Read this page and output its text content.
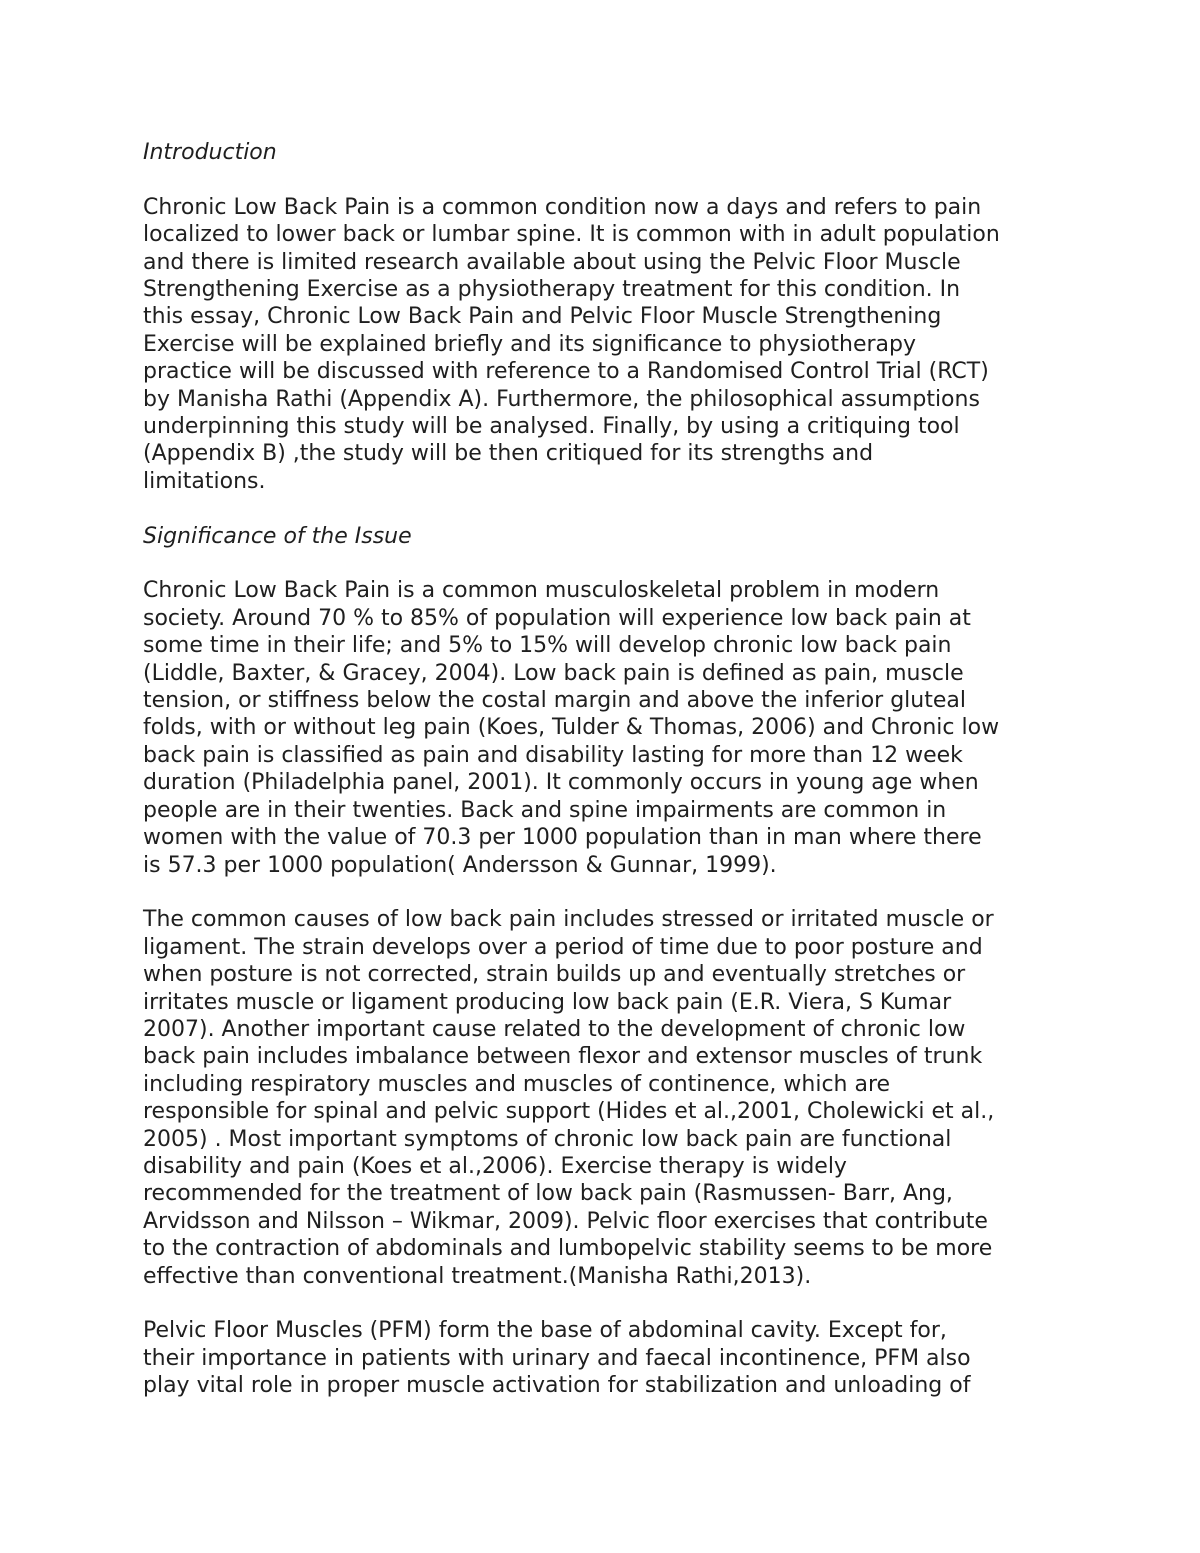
Introduction
Chronic Low Back Pain is a common condition now a days and refers to pain
localized to lower back or lumbar spine. It is common with in adult population
and there is limited research available about using the Pelvic Floor Muscle
Strengthening Exercise as a physiotherapy treatment for this condition. In
this essay, Chronic Low Back Pain and Pelvic Floor Muscle Strengthening
Exercise will be explained briefly and its significance to physiotherapy
practice will be discussed with reference to a Randomised Control Trial (RCT)
by Manisha Rathi (Appendix A). Furthermore, the philosophical assumptions
underpinning this study will be analysed. Finally, by using a critiquing tool
(Appendix B) ,the study will be then critiqued for its strengths and
limitations.
Significance of the Issue
Chronic Low Back Pain is a common musculoskeletal problem in modern
society. Around 70 % to 85% of population will experience low back pain at
some time in their life; and 5% to 15% will develop chronic low back pain
(Liddle, Baxter, & Gracey, 2004). Low back pain is defined as pain, muscle
tension, or stiffness below the costal margin and above the inferior gluteal
folds, with or without leg pain (Koes, Tulder & Thomas, 2006) and Chronic low
back pain is classified as pain and disability lasting for more than 12 week
duration (Philadelphia panel, 2001). It commonly occurs in young age when
people are in their twenties. Back and spine impairments are common in
women with the value of 70.3 per 1000 population than in man where there
is 57.3 per 1000 population( Andersson & Gunnar, 1999).
The common causes of low back pain includes stressed or irritated muscle or
ligament. The strain develops over a period of time due to poor posture and
when posture is not corrected, strain builds up and eventually stretches or
irritates muscle or ligament producing low back pain (E.R. Viera, S Kumar
2007). Another important cause related to the development of chronic low
back pain includes imbalance between flexor and extensor muscles of trunk
including respiratory muscles and muscles of continence, which are
responsible for spinal and pelvic support (Hides et al.,2001, Cholewicki et al.,
2005) . Most important symptoms of chronic low back pain are functional
disability and pain (Koes et al.,2006). Exercise therapy is widely
recommended for the treatment of low back pain (Rasmussen- Barr, Ang,
Arvidsson and Nilsson – Wikmar, 2009). Pelvic floor exercises that contribute
to the contraction of abdominals and lumbopelvic stability seems to be more
effective than conventional treatment.(Manisha Rathi,2013).
Pelvic Floor Muscles (PFM) form the base of abdominal cavity. Except for,
their importance in patients with urinary and faecal incontinence, PFM also
play vital role in proper muscle activation for stabilization and unloading of
